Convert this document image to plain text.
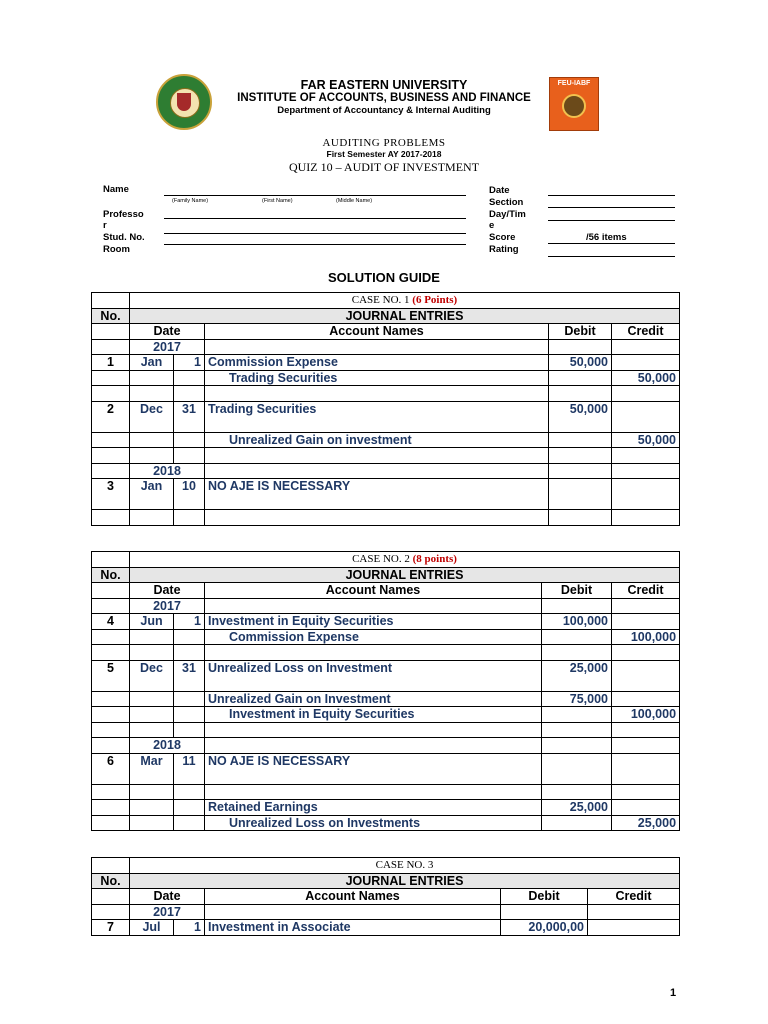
FEU-IABF
FAR EASTERN UNIVERSITY
INSTITUTE OF ACCOUNTS, BUSINESS AND FINANCE
Department of Accountancy & Internal Auditing
AUDITING PROBLEMS
First Semester AY 2017-2018
QUIZ 10 – AUDIT OF INVESTMENT
Name
(Family Name)	(First Name)	(Middle Name)
Professo
r
Stud. No.
Room
Date
Section
Day/Tim
e
Score	/56 items
Rating
SOLUTION GUIDE
	CASE NO. 1 (6 Points)				
No.	JOURNAL ENTRIES				
	Date		Account Names	Debit	Credit
	2017				
1	Jan	1	Commission Expense	50,000	
			Trading Securities		50,000

2	Dec	31	Trading Securities	50,000	
			Unrealized Gain on investment		50,000

	2018				
3	Jan	10	NO AJE IS NECESSARY		

	CASE NO. 2 (8 points)				
No.	JOURNAL ENTRIES				
	Date		Account Names	Debit	Credit
	2017				
4	Jun	1	Investment in Equity Securities	100,000	
			Commission Expense		100,000

5	Dec	31	Unrealized Loss on Investment	25,000	
			Unrealized Gain on Investment	75,000	
			Investment in Equity Securities		100,000

	2018				
6	Mar	11	NO AJE IS NECESSARY		

			Retained Earnings	25,000	
			Unrealized Loss on Investments		25,000
	CASE NO. 3				
No.	JOURNAL ENTRIES				
	Date		Account Names	Debit	Credit
	2017				
7	Jul	1	Investment in Associate	20,000,00	
1
